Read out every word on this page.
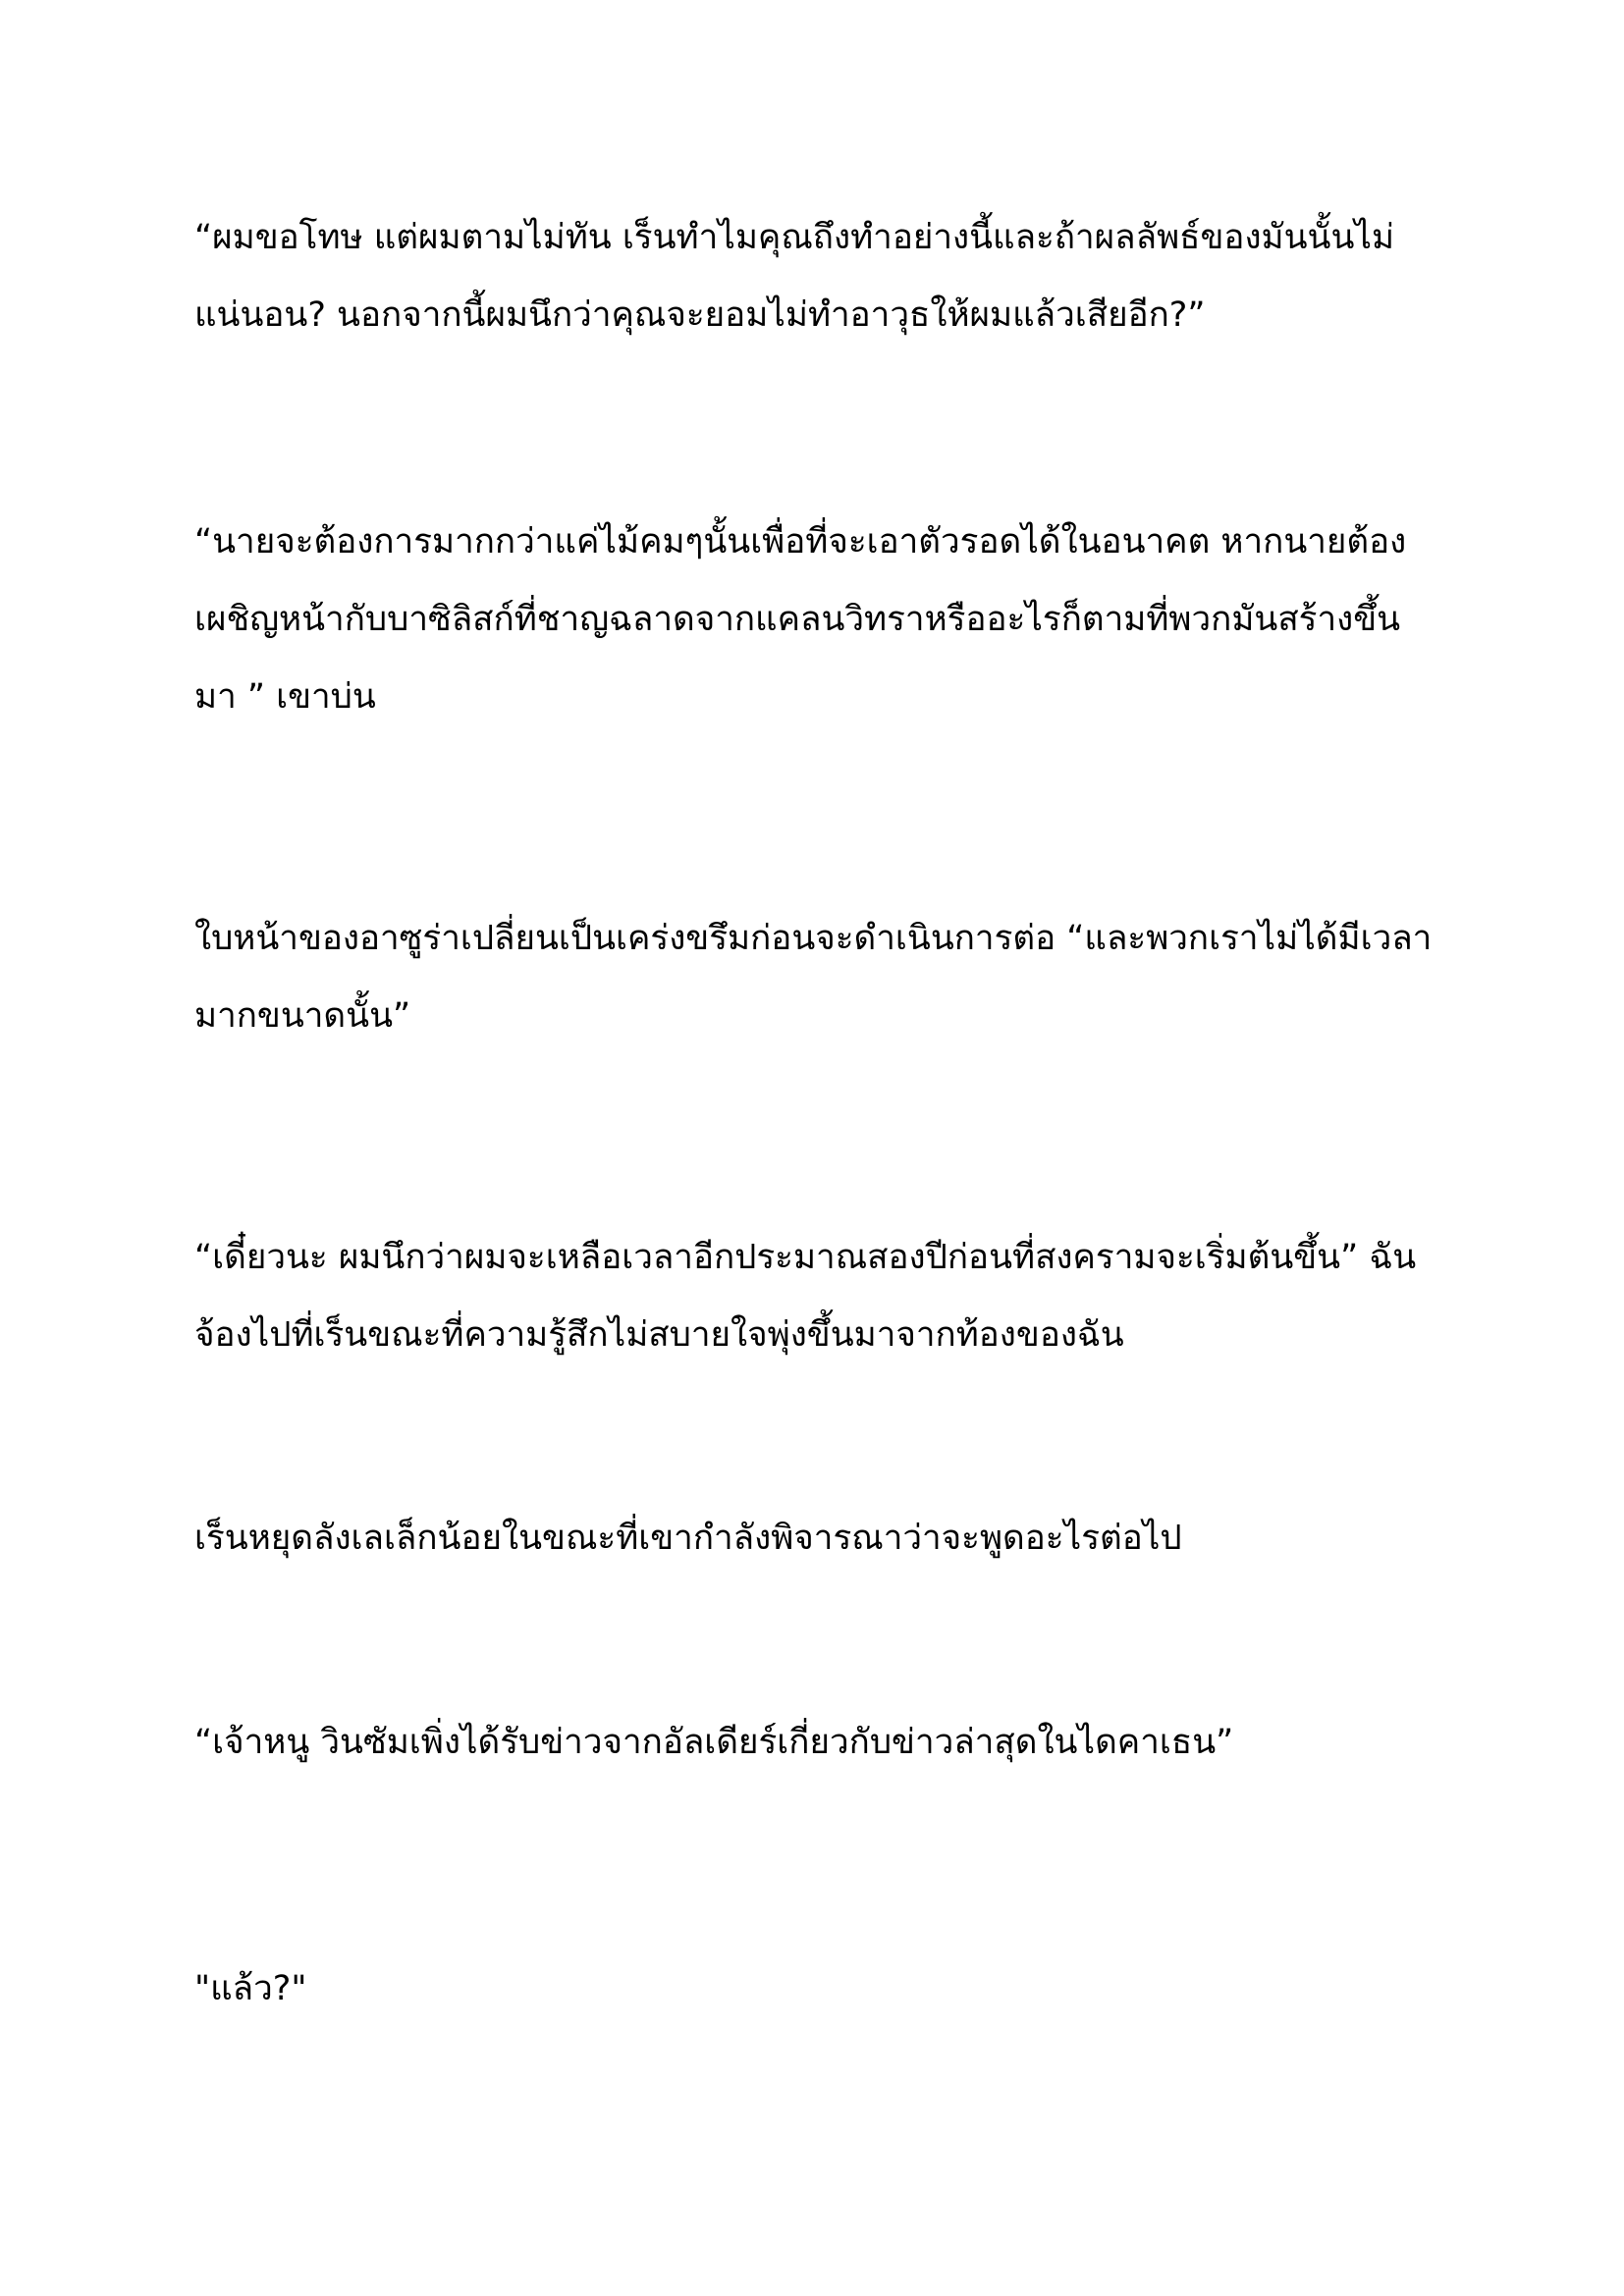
“ผมขอโทษ แต่ผมตามไม่ทัน เร็นทำไมคุณถึงทำอย่างนี้และถ้าผลลัพธ์ของมันนั้นไม่แน่นอน? นอกจากนี้ผมนึกว่าคุณจะยอมไม่ทำอาวุธให้ผมแล้วเสียอีก?”

“นายจะต้องการมากกว่าแค่ไม้คมๆนั้นเพื่อที่จะเอาตัวรอดได้ในอนาคต หากนายต้องเผชิญหน้ากับบาซิลิสก์ที่ชาญฉลาดจากแคลนวิทราหรืออะไรก็ตามที่พวกมันสร้างขึ้นมา ” เขาบ่น

ใบหน้าของอาซูร่าเปลี่ยนเป็นเคร่งขรึมก่อนจะดำเนินการต่อ “และพวกเราไม่ได้มีเวลามากขนาดนั้น”

“เดี๋ยวนะ ผมนึกว่าผมจะเหลือเวลาอีกประมาณสองปีก่อนที่สงครามจะเริ่มต้นขึ้น” ฉันจ้องไปที่เร็นขณะที่ความรู้สึกไม่สบายใจพุ่งขึ้นมาจากท้องของฉัน

เร็นหยุดลังเลเล็กน้อยในขณะที่เขากำลังพิจารณาว่าจะพูดอะไรต่อไป

“เจ้าหนู วินซัมเพิ่งได้รับข่าวจากอัลเดียร์เกี่ยวกับข่าวล่าสุดในไดคาเธน”

"แล้ว?"
